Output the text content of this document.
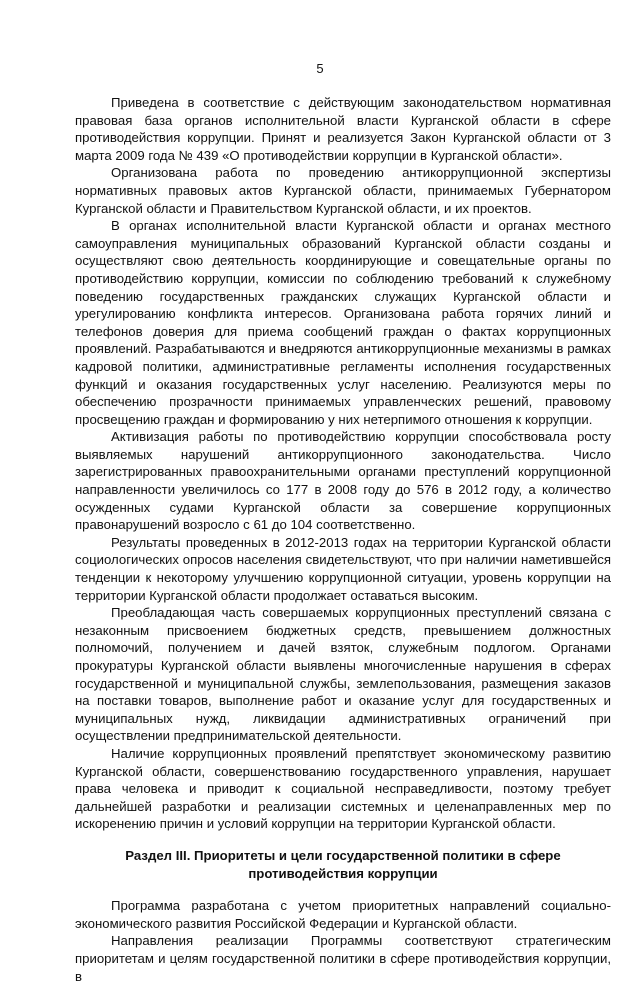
5

Приведена в соответствие с действующим законодательством нормативная правовая база органов исполнительной власти Курганской области в сфере противодействия коррупции. Принят и реализуется Закон Курганской области от 3 марта 2009 года № 439 «О противодействии коррупции в Курганской области».

Организована работа по проведению антикоррупционной экспертизы нормативных правовых актов Курганской области, принимаемых Губернатором Курганской области и Правительством Курганской области, и их проектов.

В органах исполнительной власти Курганской области и органах местного самоуправления муниципальных образований Курганской области созданы и осуществляют свою деятельность координирующие и совещательные органы по противодействию коррупции, комиссии по соблюдению требований к служебному поведению государственных гражданских служащих Курганской области и урегулированию конфликта интересов. Организована работа горячих линий и телефонов доверия для приема сообщений граждан о фактах коррупционных проявлений. Разрабатываются и внедряются антикоррупционные механизмы в рамках кадровой политики, административные регламенты исполнения государственных функций и оказания государственных услуг населению. Реализуются меры по обеспечению прозрачности принимаемых управленческих решений, правовому просвещению граждан и формированию у них нетерпимого отношения к коррупции.

Активизация работы по противодействию коррупции способствовала росту выявляемых нарушений антикоррупционного законодательства. Число зарегистрированных правоохранительными органами преступлений коррупционной направленности увеличилось со 177 в 2008 году до 576 в 2012 году, а количество осужденных судами Курганской области за совершение коррупционных правонарушений возросло с 61 до 104 соответственно.

Результаты проведенных в 2012-2013 годах на территории Курганской области социологических опросов населения свидетельствуют, что при наличии наметившейся тенденции к некоторому улучшению коррупционной ситуации, уровень коррупции на территории Курганской области продолжает оставаться высоким.

Преобладающая часть совершаемых коррупционных преступлений связана с незаконным присвоением бюджетных средств, превышением должностных полномочий, получением и дачей взяток, служебным подлогом. Органами прокуратуры Курганской области выявлены многочисленные нарушения в сферах государственной и муниципальной службы, землепользования, размещения заказов на поставки товаров, выполнение работ и оказание услуг для государственных и муниципальных нужд, ликвидации административных ограничений при осуществлении предпринимательской деятельности.

Наличие коррупционных проявлений препятствует экономическому развитию Курганской области, совершенствованию государственного управления, нарушает права человека и приводит к социальной несправедливости, поэтому требует дальнейшей разработки и реализации системных и целенаправленных мер по искоренению причин и условий коррупции на территории Курганской области.

Раздел III. Приоритеты и цели государственной политики в сфере противодействия коррупции

Программа разработана с учетом приоритетных направлений социально-экономического развития Российской Федерации и Курганской области.

Направления реализации Программы соответствуют стратегическим приоритетам и целям государственной политики в сфере противодействия коррупции, в
